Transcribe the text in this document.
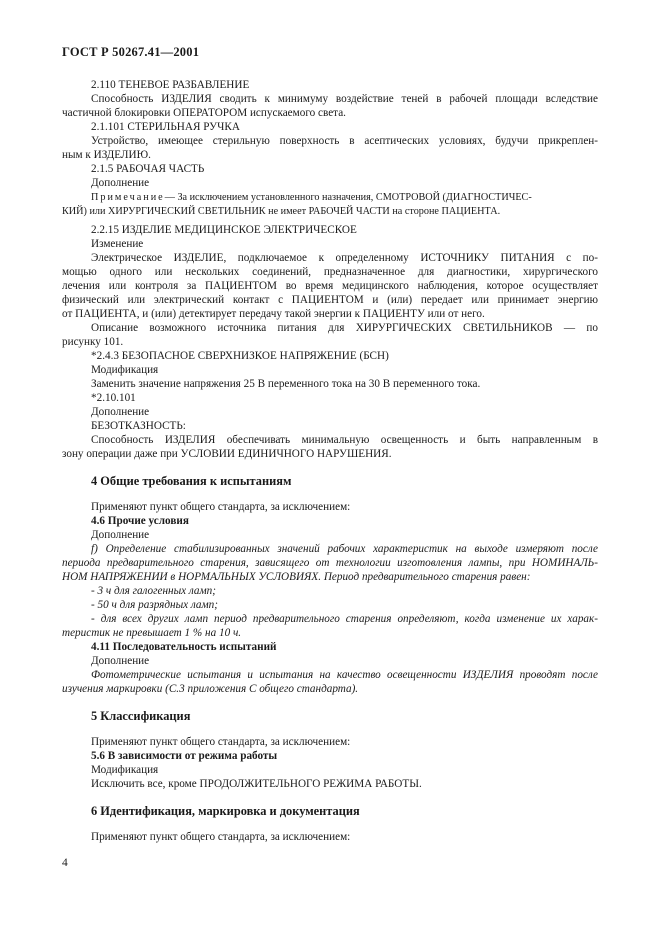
ГОСТ Р 50267.41—2001
2.110 ТЕНЕВОЕ РАЗБАВЛЕНИЕ
Способность ИЗДЕЛИЯ сводить к минимуму воздействие теней в рабочей площади вследствие
частичной блокировки ОПЕРАТОРОМ испускаемого света.
2.1.101 СТЕРИЛЬНАЯ РУЧКА
Устройство, имеющее стерильную поверхность в асептических условиях, будучи прикреплен-
ным к ИЗДЕЛИЮ.
2.1.5 РАБОЧАЯ ЧАСТЬ
Дополнение
Примечание— За исключением установленного назначения, СМОТРОВОЙ (ДИАГНОСТИЧЕС-
КИЙ) или ХИРУРГИЧЕСКИЙ СВЕТИЛЬНИК не имеет РАБОЧЕЙ ЧАСТИ на стороне ПАЦИЕНТА.
2.2.15 ИЗДЕЛИЕ МЕДИЦИНСКОЕ ЭЛЕКТРИЧЕСКОЕ
Изменение
Электрическое ИЗДЕЛИЕ, подключаемое к определенному ИСТОЧНИКУ ПИТАНИЯ с по-
мощью одного или нескольких соединений, предназначенное для диагностики, хирургического
лечения или контроля за ПАЦИЕНТОМ во время медицинского наблюдения, которое осуществляет
физический или электрический контакт с ПАЦИЕНТОМ и (или) передает или принимает энергию
от ПАЦИЕНТА, и (или) детектирует передачу такой энергии к ПАЦИЕНТУ или от него.
Описание возможного источника питания для ХИРУРГИЧЕСКИХ СВЕТИЛЬНИКОВ — по
рисунку 101.
*2.4.3 БЕЗОПАСНОЕ СВЕРХНИЗКОЕ НАПРЯЖЕНИЕ (БСН)
Модификация
Заменить значение напряжения 25 В переменного тока на 30 В переменного тока.
*2.10.101
Дополнение
БЕЗОТКАЗНОСТЬ:
Способность ИЗДЕЛИЯ обеспечивать минимальную освещенность и быть направленным в
зону операции даже при УСЛОВИИ ЕДИНИЧНОГО НАРУШЕНИЯ.
4 Общие требования к испытаниям
Применяют пункт общего стандарта, за исключением:
4.6 Прочие условия
Дополнение
f) Определение стабилизированных значений рабочих характеристик на выходе измеряют после
периода предварительного старения, зависящего от технологии изготовления лампы, при НОМИНАЛЬ-
НОМ НАПРЯЖЕНИИ в НОРМАЛЬНЫХ УСЛОВИЯХ. Период предварительного старения равен:
- 3 ч для галогенных ламп;
- 50 ч для разрядных ламп;
- для всех других ламп период предварительного старения определяют, когда изменение их харак-
теристик не превышает 1 % на 10 ч.
4.11 Последовательность испытаний
Дополнение
Фотометрические испытания и испытания на качество освещенности ИЗДЕЛИЯ проводят после
изучения маркировки (С.3 приложения С общего стандарта).
5 Классификация
Применяют пункт общего стандарта, за исключением:
5.6 В зависимости от режима работы
Модификация
Исключить все, кроме ПРОДОЛЖИТЕЛЬНОГО РЕЖИМА РАБОТЫ.
6 Идентификация, маркировка и документация
Применяют пункт общего стандарта, за исключением:
4
